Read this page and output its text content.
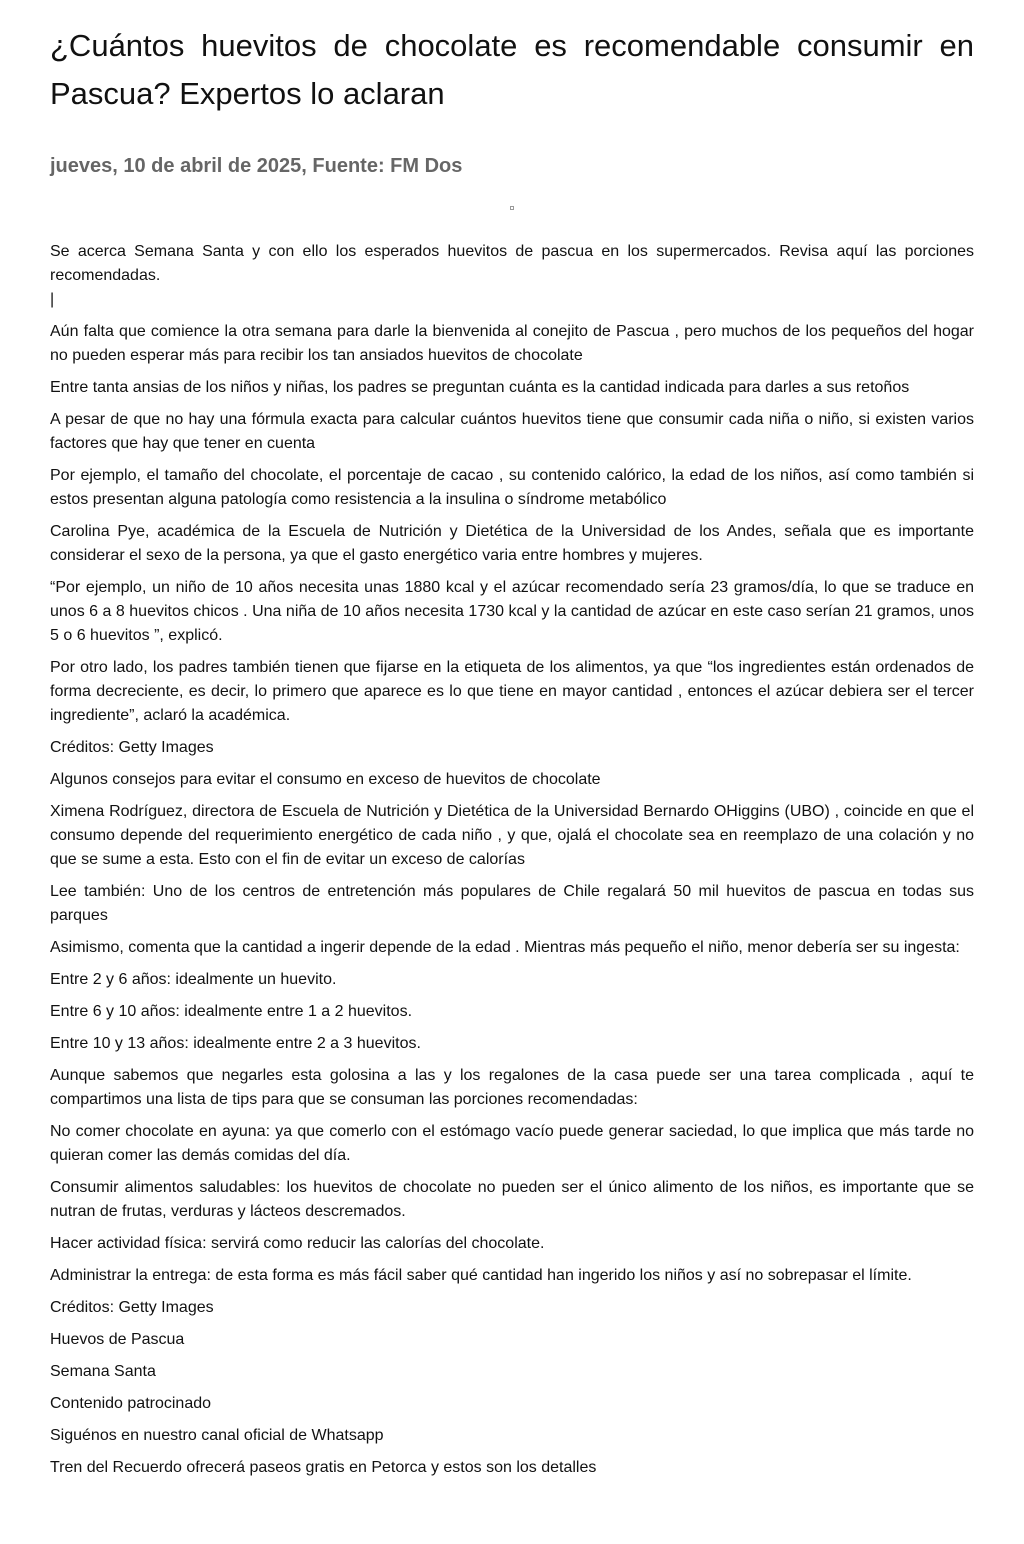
¿Cuántos huevitos de chocolate es recomendable consumir en Pascua? Expertos lo aclaran
jueves, 10 de abril de 2025, Fuente: FM Dos

Se acerca Semana Santa y con ello los esperados huevitos de pascua en los supermercados. Revisa aquí las porciones recomendadas.

|

Aún falta que comience la otra semana para darle la bienvenida al conejito de Pascua , pero muchos de los pequeños del hogar no pueden esperar más para recibir los tan ansiados huevitos de chocolate

Entre tanta ansias de los niños y niñas, los padres se preguntan cuánta es la cantidad indicada para darles a sus retoños

A pesar de que no hay una fórmula exacta para calcular cuántos huevitos tiene que consumir cada niña o niño, si existen varios factores que hay que tener en cuenta

Por ejemplo, el tamaño del chocolate, el porcentaje de cacao , su contenido calórico, la edad de los niños, así como también si estos presentan alguna patología como resistencia a la insulina o síndrome metabólico

Carolina Pye, académica de la Escuela de Nutrición y Dietética de la Universidad de los Andes, señala que es importante considerar el sexo de la persona, ya que el gasto energético varia entre hombres y mujeres.

“Por ejemplo, un niño de 10 años necesita unas 1880 kcal y el azúcar recomendado sería 23 gramos/día, lo que se traduce en unos 6 a 8 huevitos chicos . Una niña de 10 años necesita 1730 kcal y la cantidad de azúcar en este caso serían 21 gramos, unos 5 o 6 huevitos ”, explicó.

Por otro lado, los padres también tienen que fijarse en la etiqueta de los alimentos, ya que “los ingredientes están ordenados de forma decreciente, es decir, lo primero que aparece es lo que tiene en mayor cantidad , entonces el azúcar debiera ser el tercer ingrediente”, aclaró la académica.

Créditos: Getty Images

Algunos consejos para evitar el consumo en exceso de huevitos de chocolate

Ximena Rodríguez, directora de Escuela de Nutrición y Dietética de la Universidad Bernardo OHiggins (UBO) , coincide en que el consumo depende del requerimiento energético de cada niño , y que, ojalá el chocolate sea en reemplazo de una colación y no que se sume a esta. Esto con el fin de evitar un exceso de calorías

Lee también: Uno de los centros de entretención más populares de Chile regalará 50 mil huevitos de pascua en todas sus parques

Asimismo, comenta que la cantidad a ingerir depende de la edad . Mientras más pequeño el niño, menor debería ser su ingesta:

Entre 2 y 6 años: idealmente un huevito.

Entre 6 y 10 años: idealmente entre 1 a 2 huevitos.

Entre 10 y 13 años: idealmente entre 2 a 3 huevitos.

Aunque sabemos que negarles esta golosina a las y los regalones de la casa puede ser una tarea complicada , aquí te compartimos una lista de tips para que se consuman las porciones recomendadas:

No comer chocolate en ayuna: ya que comerlo con el estómago vacío puede generar saciedad, lo que implica que más tarde no quieran comer las demás comidas del día.

Consumir alimentos saludables: los huevitos de chocolate no pueden ser el único alimento de los niños, es importante que se nutran de frutas, verduras y lácteos descremados.

Hacer actividad física: servirá como reducir las calorías del chocolate.

Administrar la entrega: de esta forma es más fácil saber qué cantidad han ingerido los niños y así no sobrepasar el límite.

Créditos: Getty Images

Huevos de Pascua

Semana Santa

Contenido patrocinado

Siguénos en nuestro canal oficial de Whatsapp

Tren del Recuerdo ofrecerá paseos gratis en Petorca y estos son los detalles
